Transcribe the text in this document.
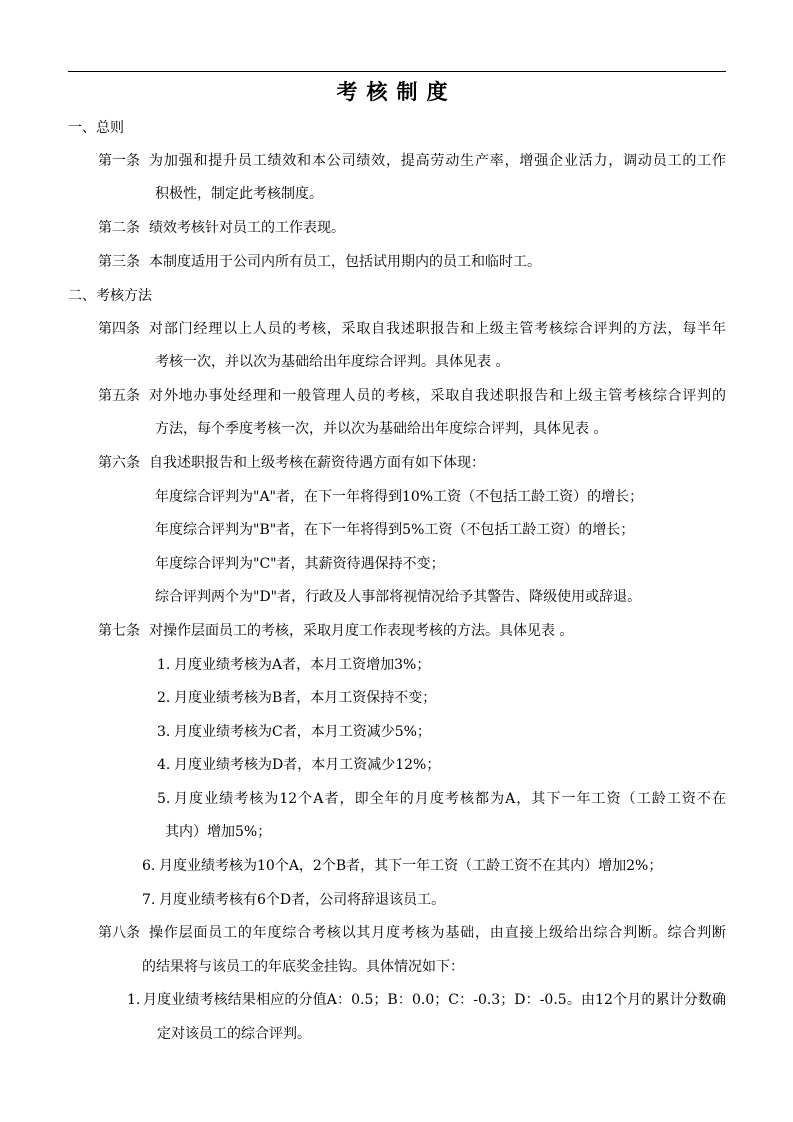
考核制度
一、总则
第一条 为加强和提升员工绩效和本公司绩效，提高劳动生产率，增强企业活力，调动员工的工作
积极性，制定此考核制度。
第二条 绩效考核针对员工的工作表现。
第三条 本制度适用于公司内所有员工，包括试用期内的员工和临时工。
二、考核方法
第四条 对部门经理以上人员的考核，采取自我述职报告和上级主管考核综合评判的方法，每半年
考核一次，并以次为基础给出年度综合评判。具体见表 。
第五条 对外地办事处经理和一般管理人员的考核，采取自我述职报告和上级主管考核综合评判的
方法，每个季度考核一次，并以次为基础给出年度综合评判，具体见表 。
第六条 自我述职报告和上级考核在薪资待遇方面有如下体现：
年度综合评判为"A"者，在下一年将得到10%工资（不包括工龄工资）的增长；
年度综合评判为"B"者，在下一年将得到5%工资（不包括工龄工资）的增长；
年度综合评判为"C"者，其薪资待遇保持不变；
综合评判两个为"D"者，行政及人事部将视情况给予其警告、降级使用或辞退。
第七条 对操作层面员工的考核，采取月度工作表现考核的方法。具体见表 。
1. 月度业绩考核为A者，本月工资增加3%；
2. 月度业绩考核为B者，本月工资保持不变；
3. 月度业绩考核为C者，本月工资减少5%；
4. 月度业绩考核为D者，本月工资减少12%；
5. 月度业绩考核为12个A者，即全年的月度考核都为A，其下一年工资（工龄工资不在
其内）增加5%；
6. 月度业绩考核为10个A，2个B者，其下一年工资（工龄工资不在其内）增加2%；
7. 月度业绩考核有6个D者，公司将辞退该员工。
第八条 操作层面员工的年度综合考核以其月度考核为基础，由直接上级给出综合判断。综合判断
的结果将与该员工的年底奖金挂钩。具体情况如下：
1. 月度业绩考核结果相应的分值A：0.5；B：0.0；C：-0.3；D：-0.5。由12个月的累计分数确
定对该员工的综合评判。
